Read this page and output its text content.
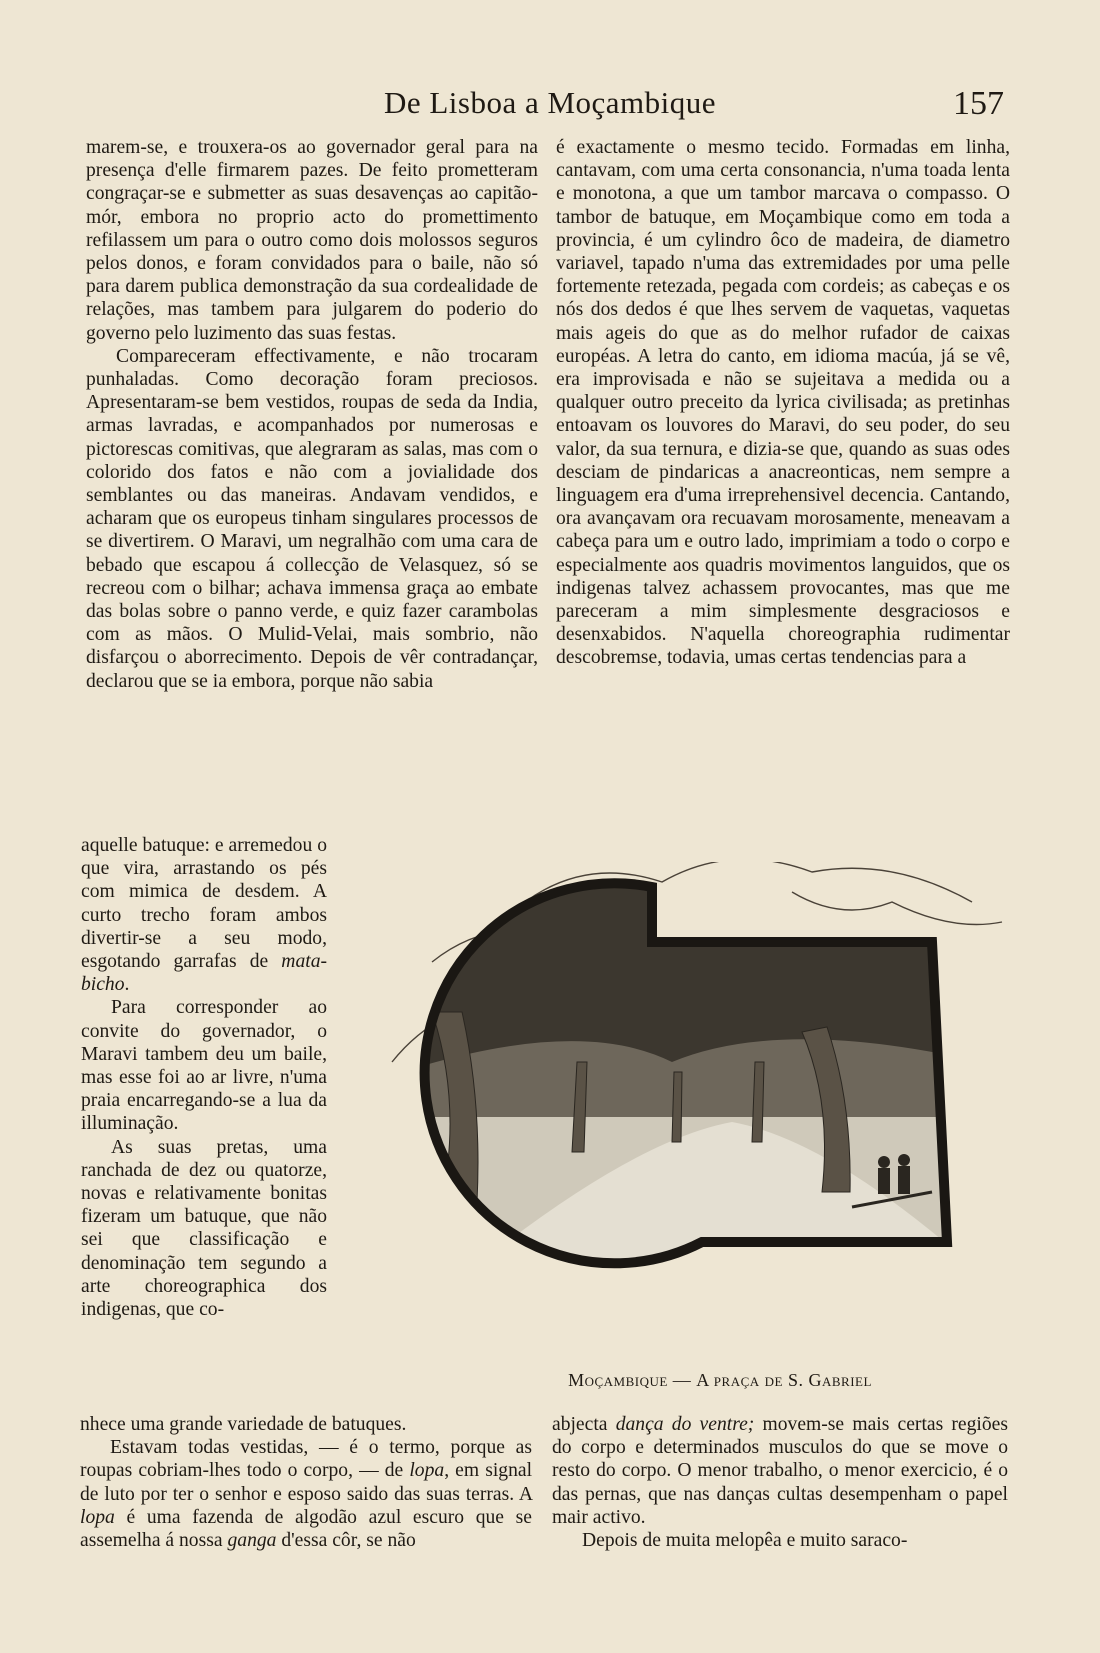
De Lisboa a Moçambique	157

marem-se, e trouxera-os ao governador geral para na presença d'elle firmarem pazes. De feito prometteram congraçar-se e submetter as suas desavenças ao capitão-mór, embora no proprio acto do promettimento refilassem um para o outro como dois molossos seguros pelos donos, e foram convidados para o baile, não só para darem publica demonstração da sua cordealidade de relações, mas tambem para julgarem do poderio do governo pelo luzimento das suas festas.

Compareceram effectivamente, e não trocaram punhaladas. Como decoração foram preciosos. Apresentaram-se bem vestidos, roupas de seda da India, armas lavradas, e acompanhados por numerosas e pictorescas comitivas, que alegraram as salas, mas com o colorido dos fatos e não com a jovialidade dos semblantes ou das maneiras. Andavam vendidos, e acharam que os europeus tinham singulares processos de se divertirem. O Maravi, um negralhão com uma cara de bebado que escapou á collecção de Velasquez, só se recreou com o bilhar; achava immensa graça ao embate das bolas sobre o panno verde, e quiz fazer carambolas com as mãos. O Mulid-Velai, mais sombrio, não disfarçou o aborrecimento. Depois de vêr contradançar, declarou que se ia embora, porque não sabia

aquelle batuque: e arremedou o que vira, arrastando os pés com mimica de desdem. A curto trecho foram ambos divertir-se a seu modo, esgotando garrafas de mata-bicho.

Para corresponder ao convite do governador, o Maravi tambem deu um baile, mas esse foi ao ar livre, n'uma praia encarregando-se a lua da illuminação.

As suas pretas, uma ranchada de dez ou quatorze, novas e relativamente bonitas fizeram um batuque, que não sei que classificação e denominação tem segundo a arte choreographica dos indigenas, que co-

nhece uma grande variedade de batuques.

Estavam todas vestidas, — é o termo, porque as roupas cobriam-lhes todo o corpo, — de lopa, em signal de luto por ter o senhor e esposo saido das suas terras. A lopa é uma fazenda de algodão azul escuro que se assemelha á nossa ganga d'essa côr, se não

é exactamente o mesmo tecido. Formadas em linha, cantavam, com uma certa consonancia, n'uma toada lenta e monotona, a que um tambor marcava o compasso. O tambor de batuque, em Moçambique como em toda a provincia, é um cylindro ôco de madeira, de diametro variavel, tapado n'uma das extremidades por uma pelle fortemente retezada, pegada com cordeis; as cabeças e os nós dos dedos é que lhes servem de vaquetas, vaquetas mais ageis do que as do melhor rufador de caixas européas. A letra do canto, em idioma macúa, já se vê, era improvisada e não se sujeitava a medida ou a qualquer outro preceito da lyrica civilisada; as pretinhas entoavam os louvores do Maravi, do seu poder, do seu valor, da sua ternura, e dizia-se que, quando as suas odes desciam de pindaricas a anacreonticas, nem sempre a linguagem era d'uma irreprehensivel decencia. Cantando, ora avançavam ora recuavam morosamente, meneavam a cabeça para um e outro lado, imprimiam a todo o corpo e especialmente aos quadris movimentos languidos, que os indigenas talvez achassem provocantes, mas que me pareceram a mim simplesmente desgraciosos e desenxabidos. N'aquella choreographia rudimentar descobremse, todavia, umas certas tendencias para a

abjecta dança do ventre; movem-se mais certas regiões do corpo e determinados musculos do que se move o resto do corpo. O menor trabalho, o menor exercicio, é o das pernas, que nas danças cultas desempenham o papel mair activo.

Depois de muita melopêa e muito saraco-

Moçambique — A praça de S. Gabriel
